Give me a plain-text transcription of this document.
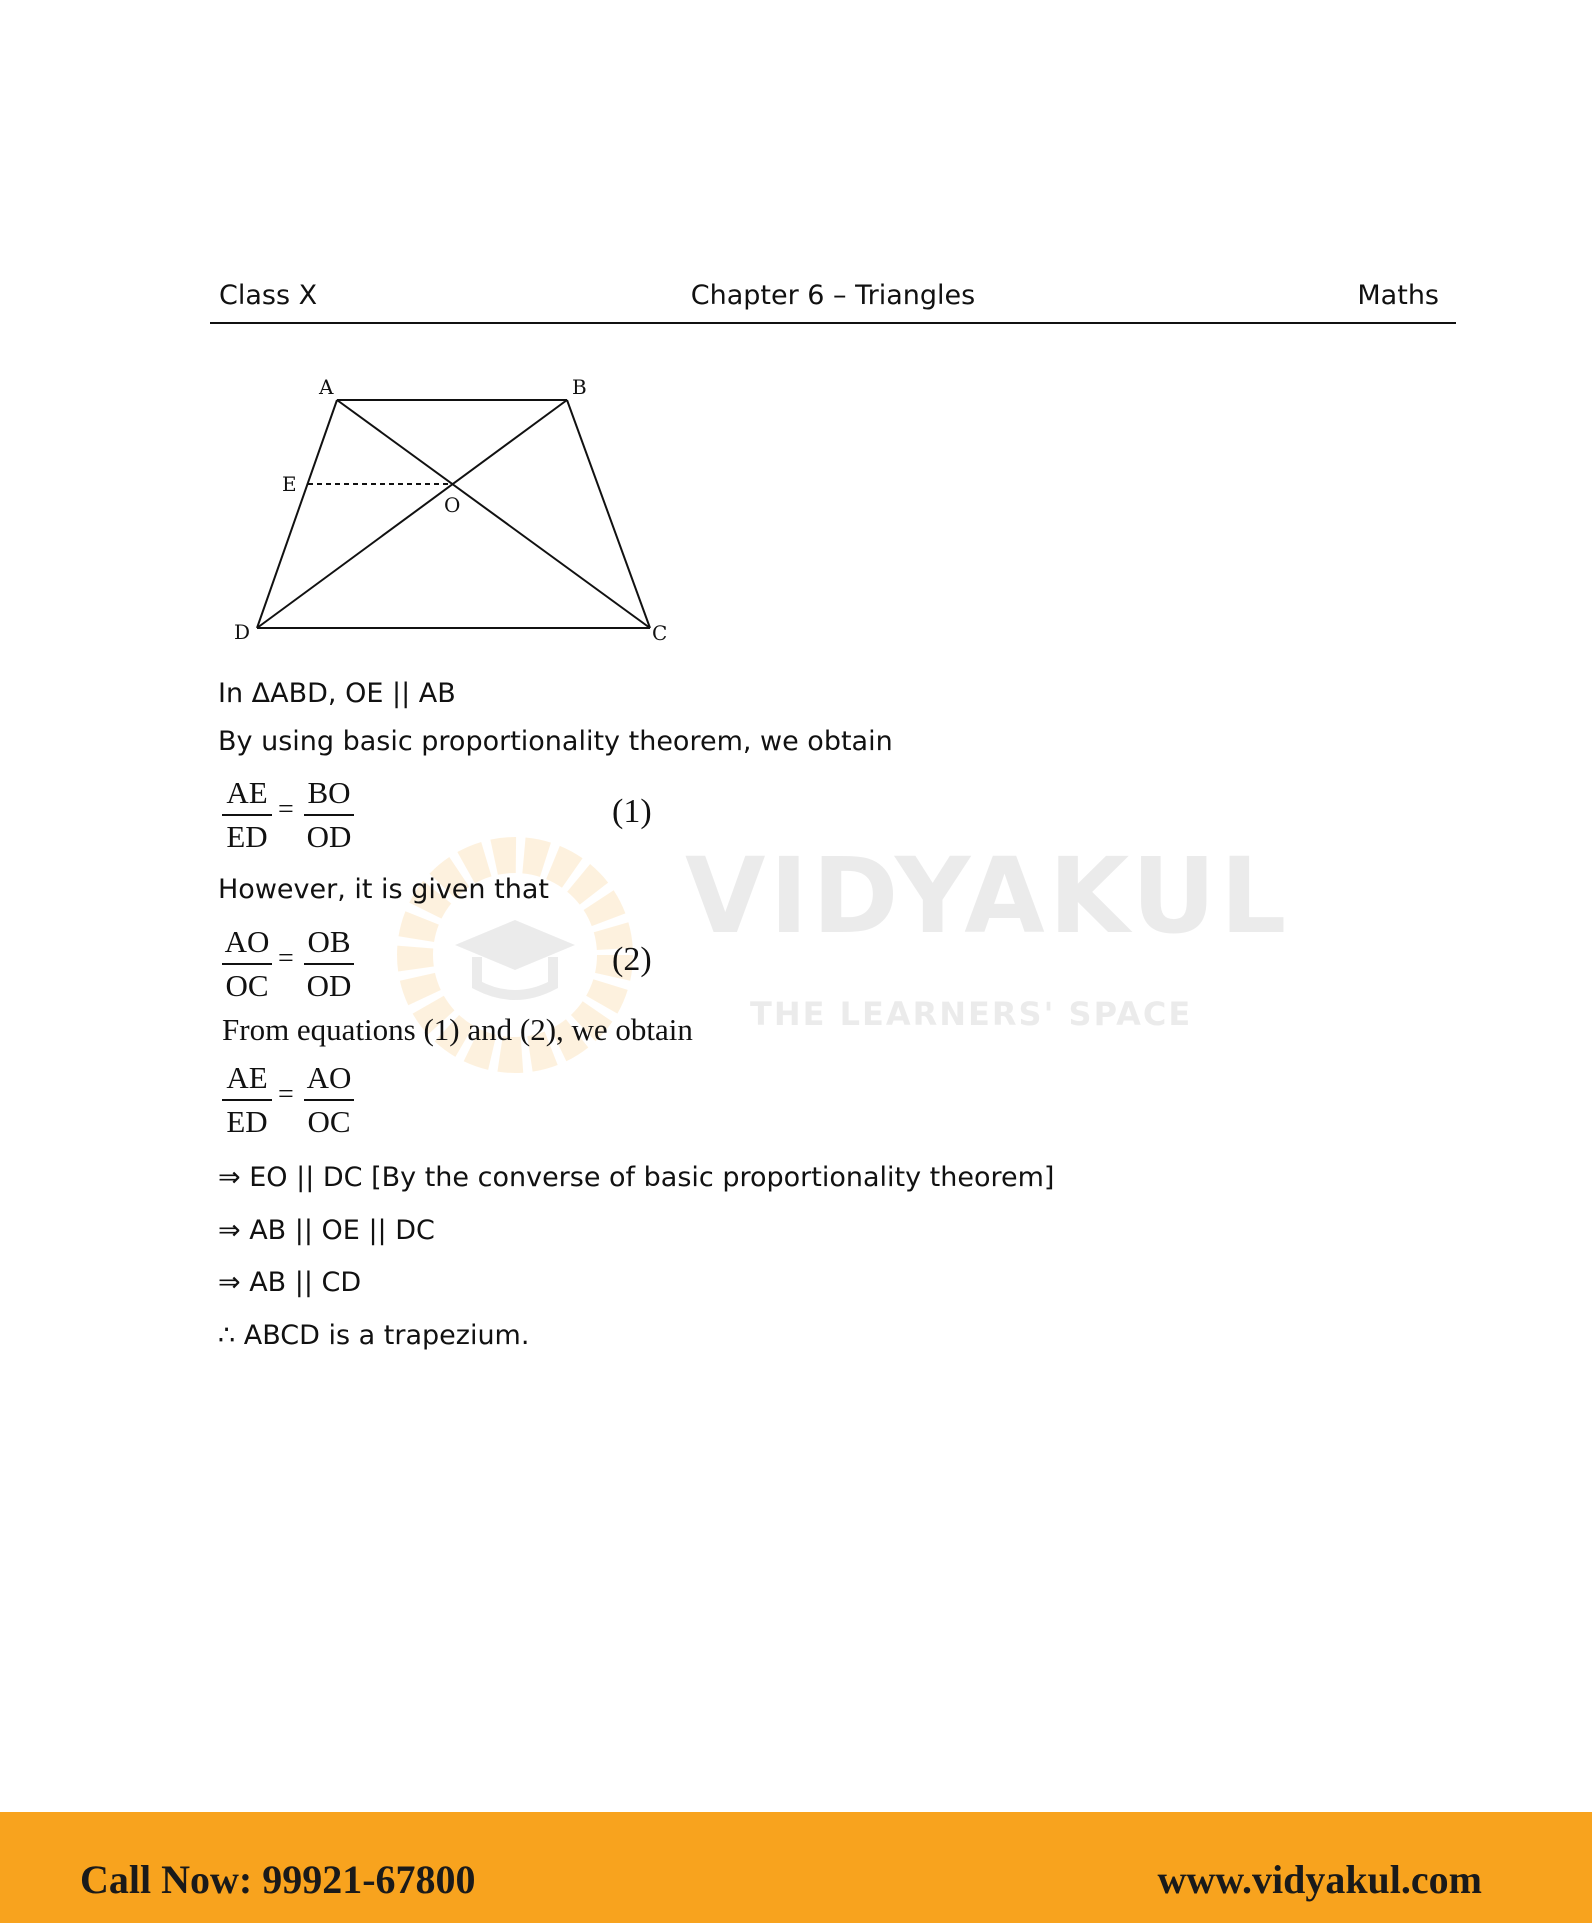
Class X	Chapter 6 – Triangles	Maths
A	B
E
O
D	C
VIDYAKUL
THE LEARNERS' SPACE
In ΔABD, OE || AB
By using basic proportionality theorem, we obtain
AE
ED
= BO
OD
(1)
However, it is given that
AO
OC
= OB
OD
(2)
From equations (1) and (2), we obtain
AE
ED
= AO
OC
⇒ EO || DC [By the converse of basic proportionality theorem]
⇒ AB || OE || DC
⇒ AB || CD
∴ ABCD is a trapezium.
Call Now: 99921-67800	www.vidyakul.com
